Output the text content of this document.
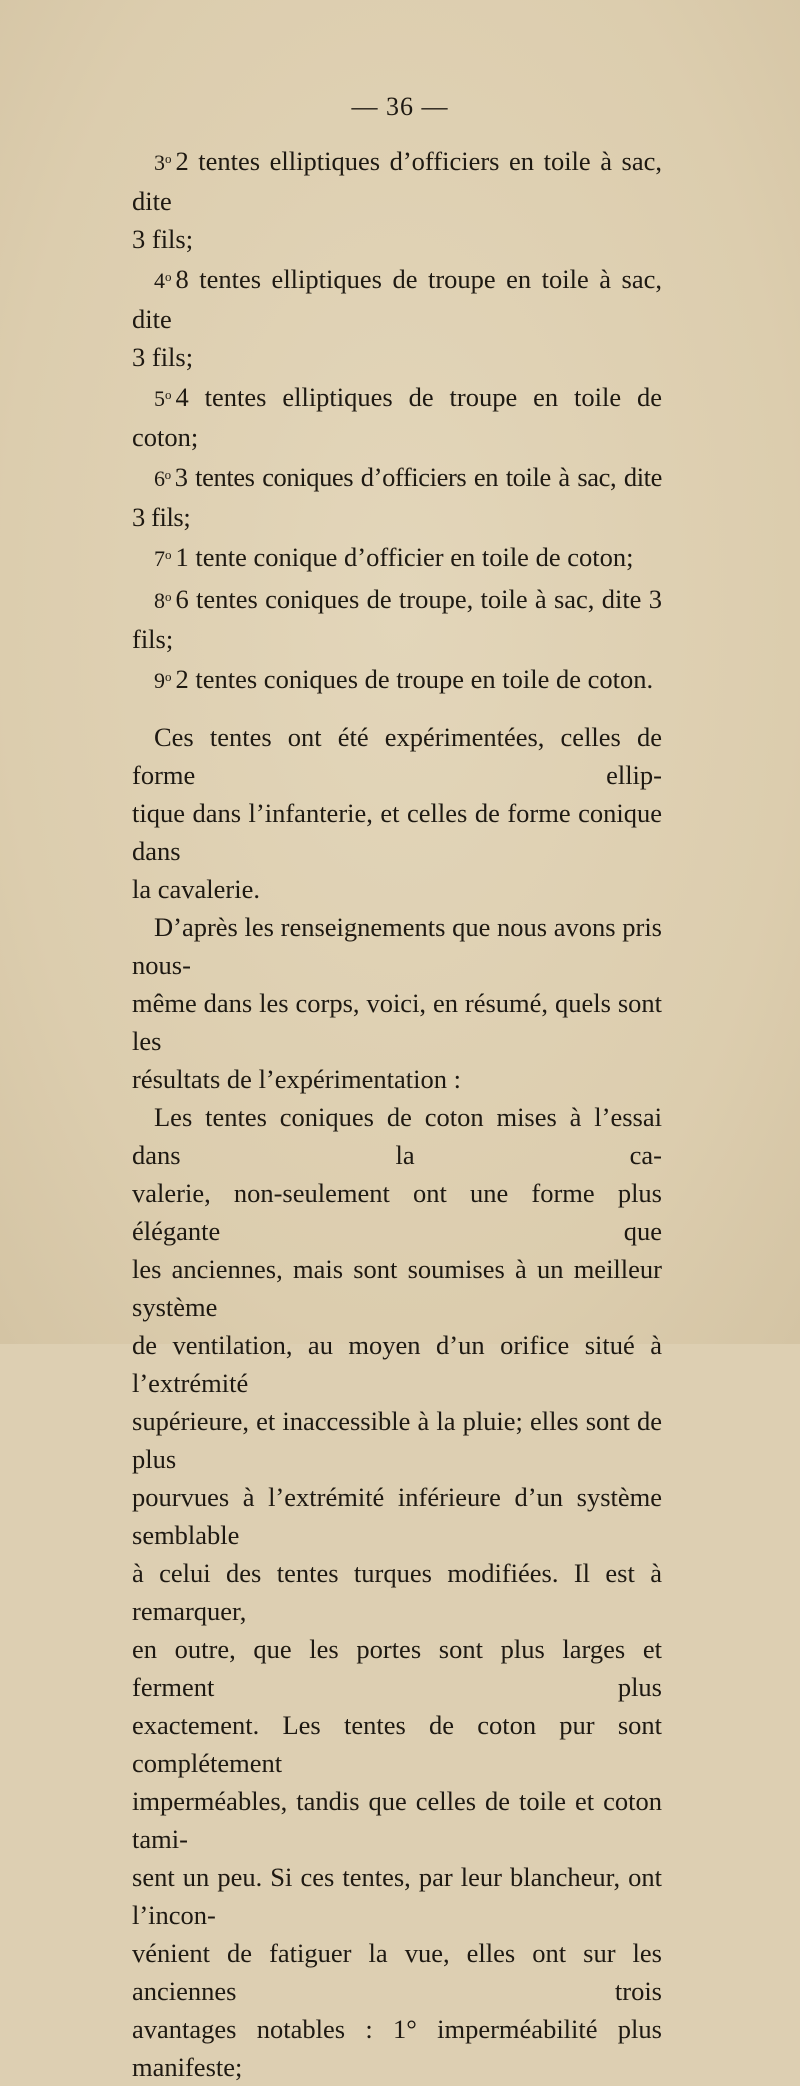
— 36 —

3$^o$ 2 tentes elliptiques d’officiers en toile à sac, dite
3 fils;

4$^o$ 8 tentes elliptiques de troupe en toile à sac, dite
3 fils;

5$^o$ 4 tentes elliptiques de troupe en toile de coton;

6$^o$ 3 tentes coniques d’officiers en toile à sac, dite 3 fils;

7$^o$ 1 tente conique d’officier en toile de coton;

8$^o$ 6 tentes coniques de troupe, toile à sac, dite 3 fils;

9$^o$ 2 tentes coniques de troupe en toile de coton.

Ces tentes ont été expérimentées, celles de forme ellip-
tique dans l’infanterie, et celles de forme conique dans
la cavalerie.

D’après les renseignements que nous avons pris nous-
même dans les corps, voici, en résumé, quels sont les
résultats de l’expérimentation :

Les tentes coniques de coton mises à l’essai dans la ca-
valerie, non-seulement ont une forme plus élégante que
les anciennes, mais sont soumises à un meilleur système
de ventilation, au moyen d’un orifice situé à l’extrémité
supérieure, et inaccessible à la pluie; elles sont de plus
pourvues à l’extrémité inférieure d’un système semblable
à celui des tentes turques modifiées. Il est à remarquer,
en outre, que les portes sont plus larges et ferment plus
exactement. Les tentes de coton pur sont complétement
imperméables, tandis que celles de toile et coton tami-
sent un peu. Si ces tentes, par leur blancheur, ont l’incon-
vénient de fatiguer la vue, elles ont sur les anciennes trois
avantages notables : 1° imperméabilité plus manifeste;
